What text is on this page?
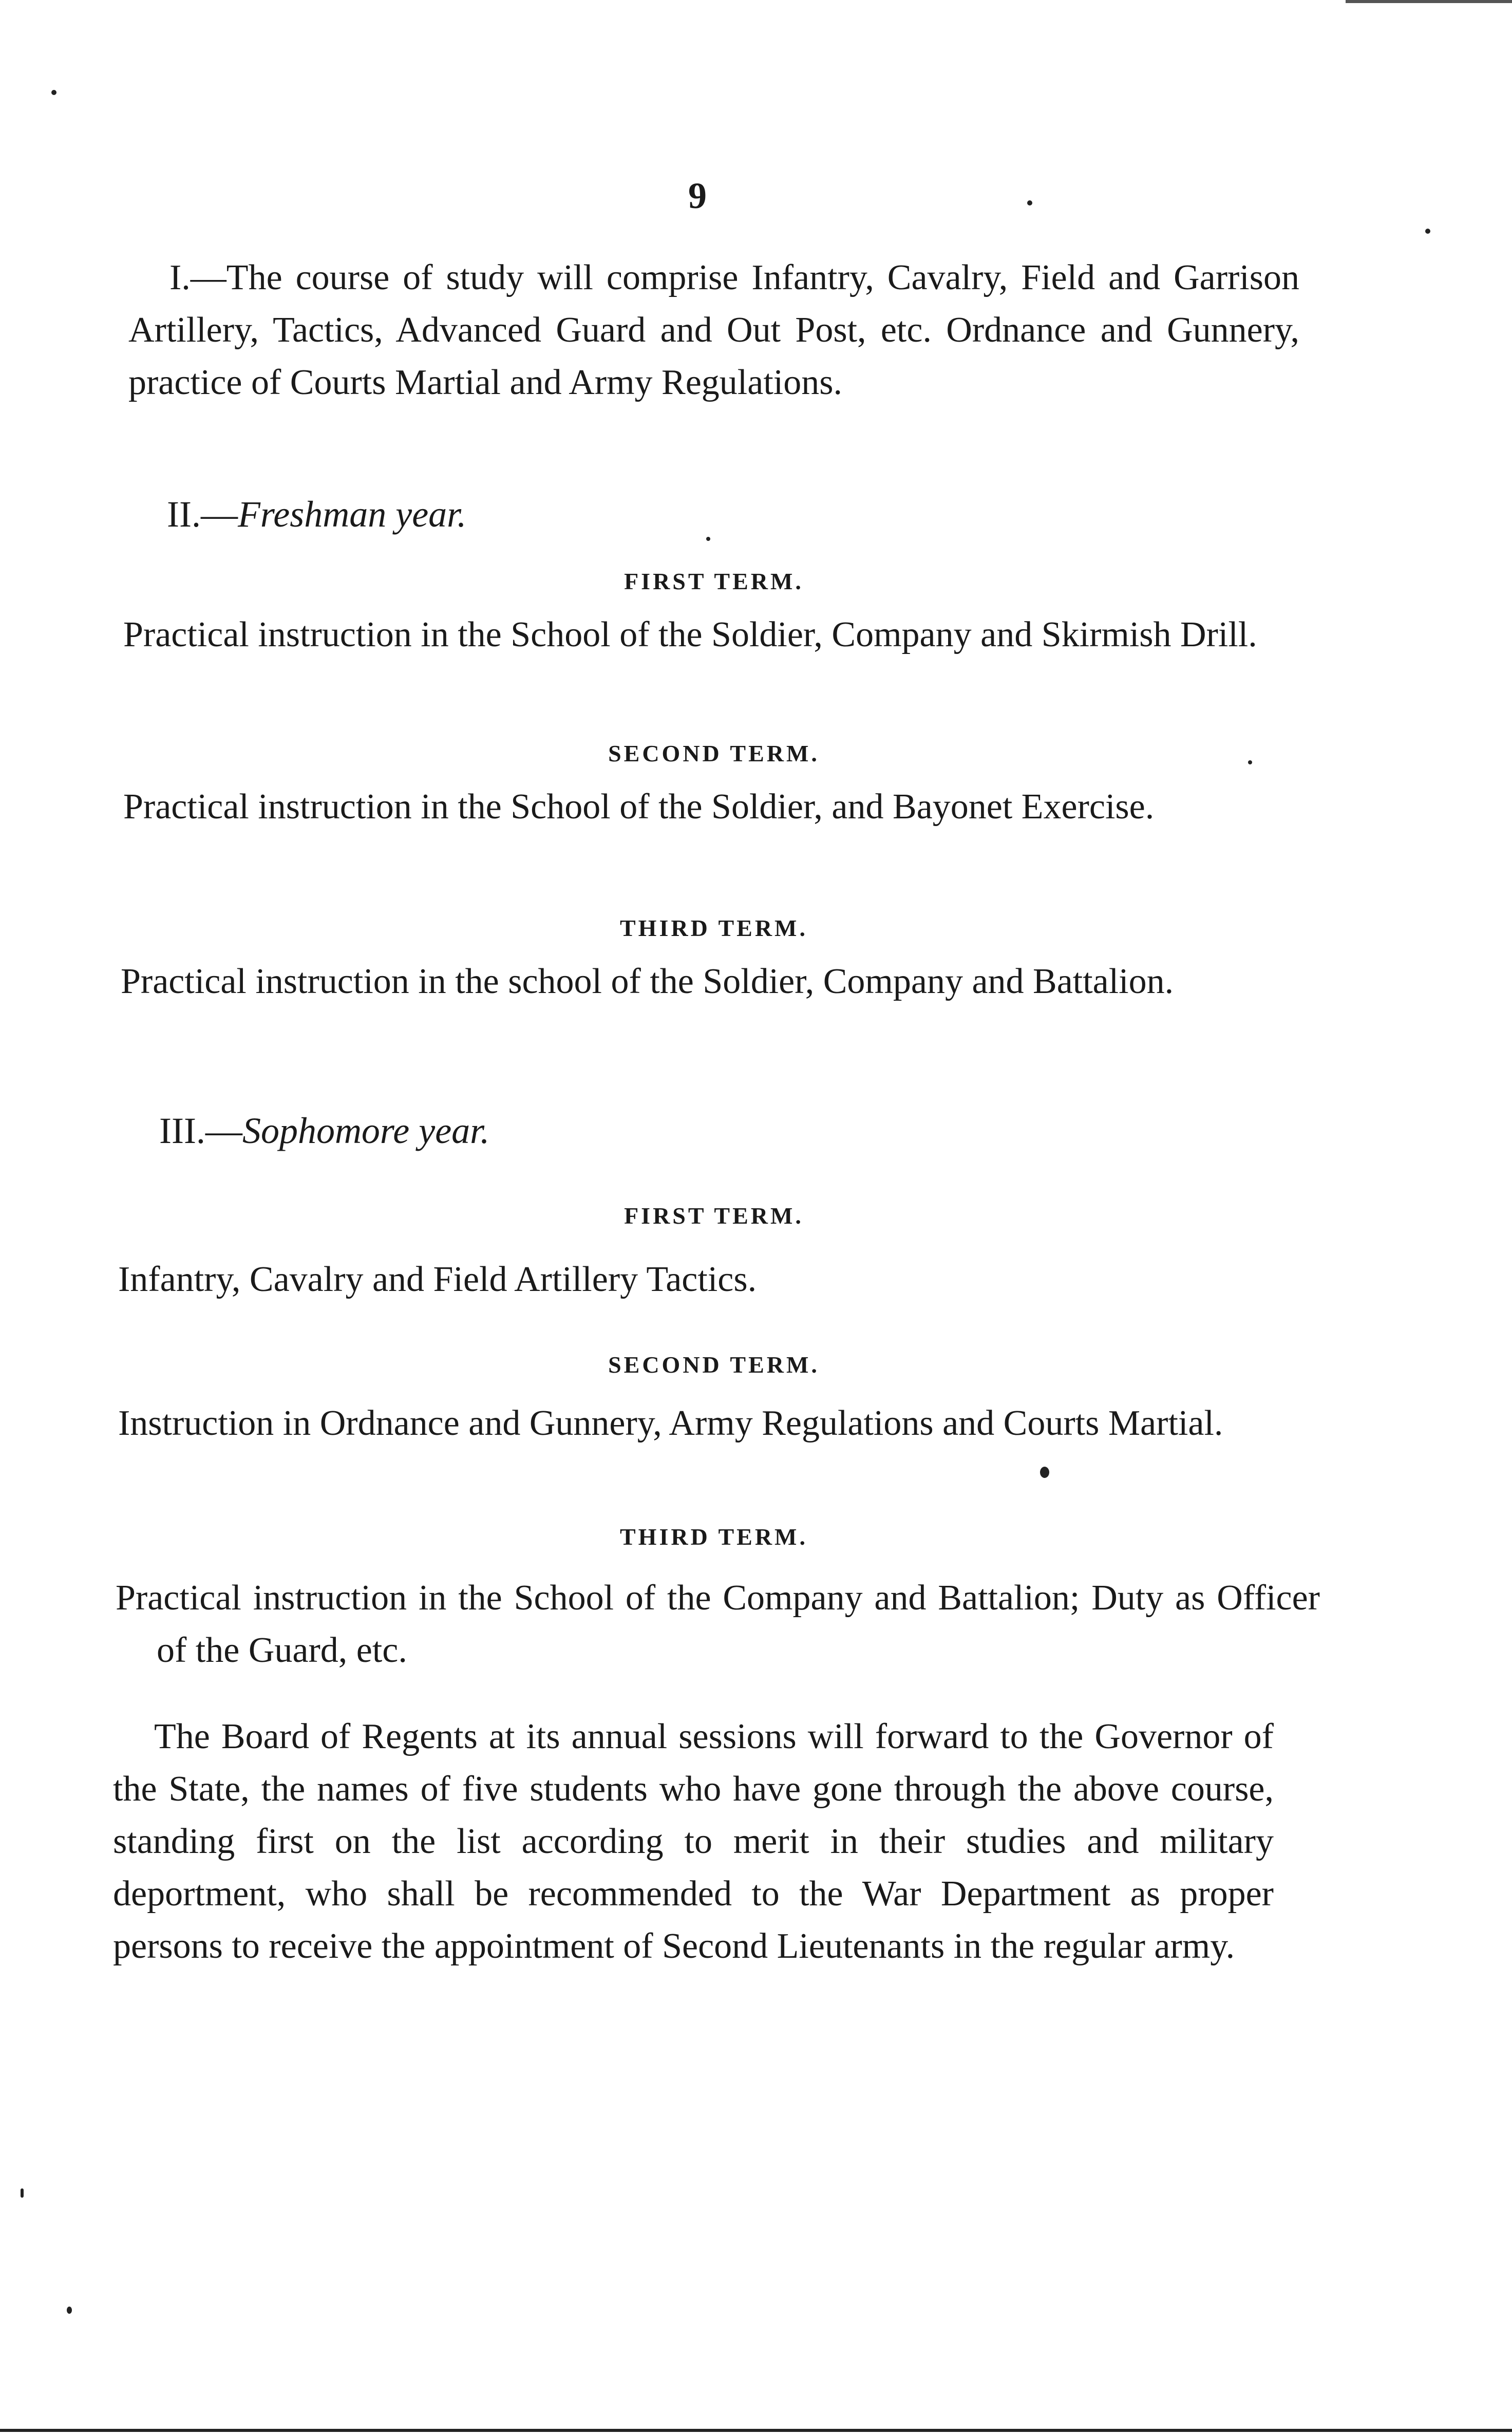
9
I.—The course of study will comprise Infantry, Cavalry, Field and Garrison Artillery, Tactics, Advanced Guard and Out Post, etc. Ordnance and Gunnery, practice of Courts Martial and Army Regulations.
II.—Freshman year.
FIRST TERM.
Practical instruction in the School of the Soldier, Company and Skirmish Drill.
SECOND TERM.
Practical instruction in the School of the Soldier, and Bayonet Exercise.
THIRD TERM.
Practical instruction in the school of the Soldier, Company and Battalion.
III.—Sophomore year.
FIRST TERM.
Infantry, Cavalry and Field Artillery Tactics.
SECOND TERM.
Instruction in Ordnance and Gunnery, Army Regulations and Courts Martial.
THIRD TERM.
Practical instruction in the School of the Company and Battalion; Duty as Officer of the Guard, etc.
The Board of Regents at its annual sessions will forward to the Governor of the State, the names of five students who have gone through the above course, standing first on the list according to merit in their studies and military deportment, who shall be recommended to the War Department as proper persons to receive the appointment of Second Lieutenants in the regular army.
